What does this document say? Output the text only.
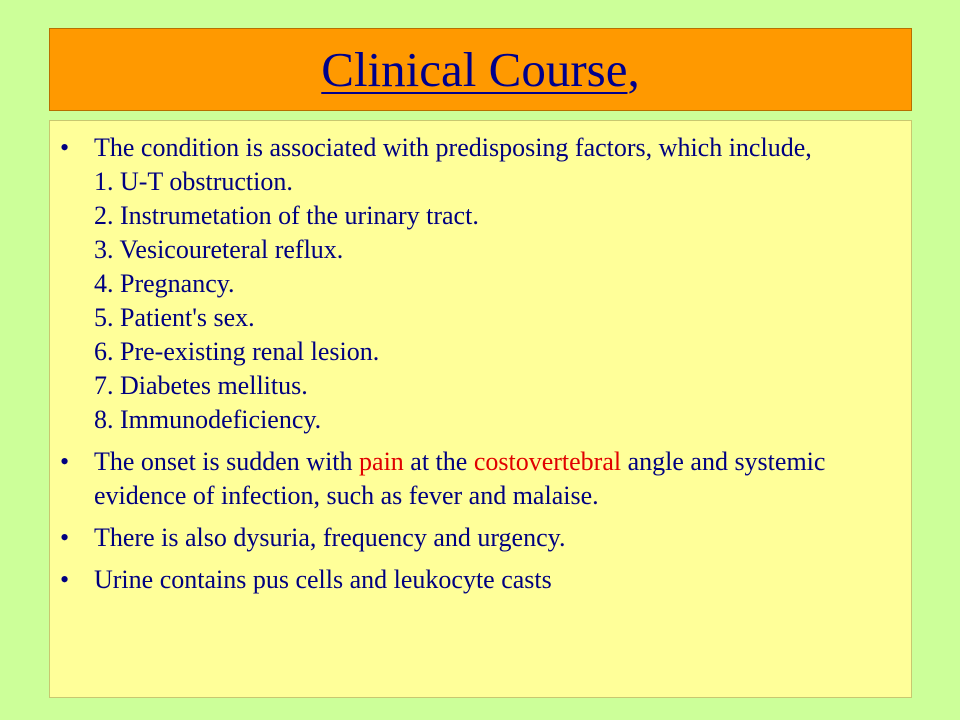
Clinical Course,
• The condition is associated with predisposing factors, which include,
1. U-T obstruction.
2. Instrumetation of the urinary tract.
3. Vesicoureteral reflux.
4. Pregnancy.
5. Patient's sex.
6. Pre-existing renal lesion.
7. Diabetes mellitus.
8. Immunodeficiency.
• The onset is sudden with pain at the costovertebral angle and systemic evidence of infection, such as fever and malaise.
• There is also dysuria, frequency and urgency.
• Urine contains pus cells and leukocyte casts
